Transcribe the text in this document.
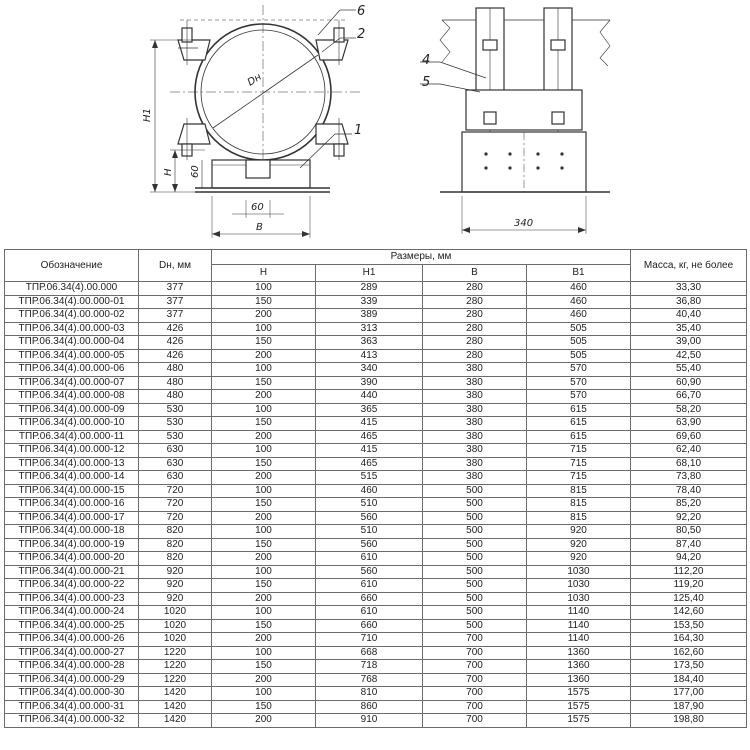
6
2
1
4
5
Dн
H1
H 60
60
B	340
Обозначение	Dн, мм	Размеры, мм				Масса, кг, не более
		H	H1	B	B1	
ТПР.06.34(4).00.000	377	100	289	280	460	33,30
ТПР.06.34(4).00.000-01	377	150	339	280	460	36,80
ТПР.06.34(4).00.000-02	377	200	389	280	460	40,40
ТПР.06.34(4).00.000-03	426	100	313	280	505	35,40
ТПР.06.34(4).00.000-04	426	150	363	280	505	39,00
ТПР.06.34(4).00.000-05	426	200	413	280	505	42,50
ТПР.06.34(4).00.000-06	480	100	340	380	570	55,40
ТПР.06.34(4).00.000-07	480	150	390	380	570	60,90
ТПР.06.34(4).00.000-08	480	200	440	380	570	66,70
ТПР.06.34(4).00.000-09	530	100	365	380	615	58,20
ТПР.06.34(4).00.000-10	530	150	415	380	615	63,90
ТПР.06.34(4).00.000-11	530	200	465	380	615	69,60
ТПР.06.34(4).00.000-12	630	100	415	380	715	62,40
ТПР.06.34(4).00.000-13	630	150	465	380	715	68,10
ТПР.06.34(4).00.000-14	630	200	515	380	715	73,80
ТПР.06.34(4).00.000-15	720	100	460	500	815	78,40
ТПР.06.34(4).00.000-16	720	150	510	500	815	85,20
ТПР.06.34(4).00.000-17	720	200	560	500	815	92,20
ТПР.06.34(4).00.000-18	820	100	510	500	920	80,50
ТПР.06.34(4).00.000-19	820	150	560	500	920	87,40
ТПР.06.34(4).00.000-20	820	200	610	500	920	94,20
ТПР.06.34(4).00.000-21	920	100	560	500	1030	112,20
ТПР.06.34(4).00.000-22	920	150	610	500	1030	119,20
ТПР.06.34(4).00.000-23	920	200	660	500	1030	125,40
ТПР.06.34(4).00.000-24	1020	100	610	500	1140	142,60
ТПР.06.34(4).00.000-25	1020	150	660	500	1140	153,50
ТПР.06.34(4).00.000-26	1020	200	710	700	1140	164,30
ТПР.06.34(4).00.000-27	1220	100	668	700	1360	162,60
ТПР.06.34(4).00.000-28	1220	150	718	700	1360	173,50
ТПР.06.34(4).00.000-29	1220	200	768	700	1360	184,40
ТПР.06.34(4).00.000-30	1420	100	810	700	1575	177,00
ТПР.06.34(4).00.000-31	1420	150	860	700	1575	187,90
ТПР.06.34(4).00.000-32	1420	200	910	700	1575	198,80
